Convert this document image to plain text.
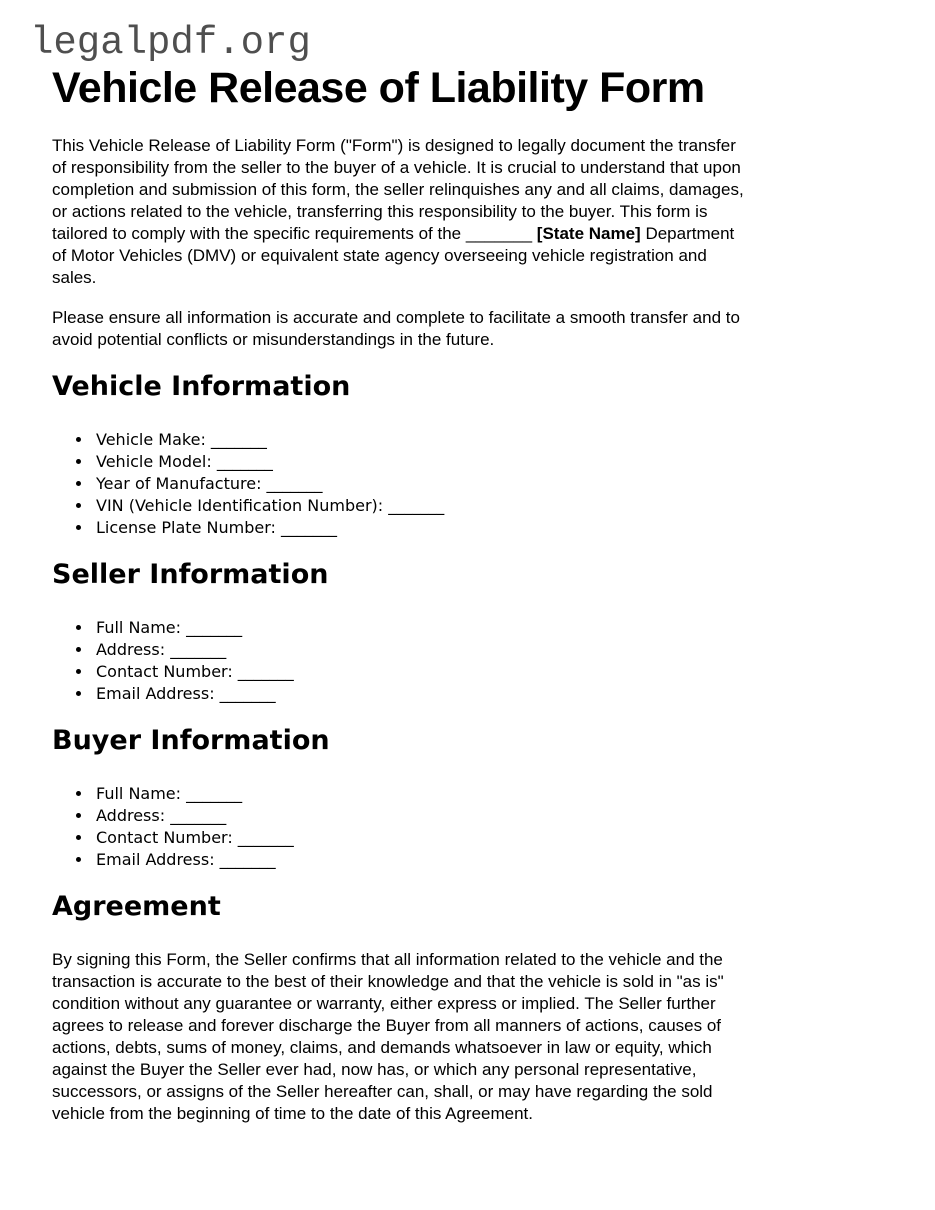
legalpdf.org
Vehicle Release of Liability Form

This Vehicle Release of Liability Form ("Form") is designed to legally document the transfer of responsibility from the seller to the buyer of a vehicle. It is crucial to understand that upon completion and submission of this form, the seller relinquishes any and all claims, damages, or actions related to the vehicle, transferring this responsibility to the buyer. This form is tailored to comply with the specific requirements of the _______ [State Name] Department of Motor Vehicles (DMV) or equivalent state agency overseeing vehicle registration and sales.

Please ensure all information is accurate and complete to facilitate a smooth transfer and to avoid potential conflicts or misunderstandings in the future.

Vehicle Information
• Vehicle Make: _______
• Vehicle Model: _______
• Year of Manufacture: _______
• VIN (Vehicle Identification Number): _______
• License Plate Number: _______
Seller Information
• Full Name: _______
• Address: _______
• Contact Number: _______
• Email Address: _______
Buyer Information
• Full Name: _______
• Address: _______
• Contact Number: _______
• Email Address: _______
Agreement

By signing this Form, the Seller confirms that all information related to the vehicle and the transaction is accurate to the best of their knowledge and that the vehicle is sold in "as is" condition without any guarantee or warranty, either express or implied. The Seller further agrees to release and forever discharge the Buyer from all manners of actions, causes of actions, debts, sums of money, claims, and demands whatsoever in law or equity, which against the Buyer the Seller ever had, now has, or which any personal representative, successors, or assigns of the Seller hereafter can, shall, or may have regarding the sold vehicle from the beginning of time to the date of this Agreement.
